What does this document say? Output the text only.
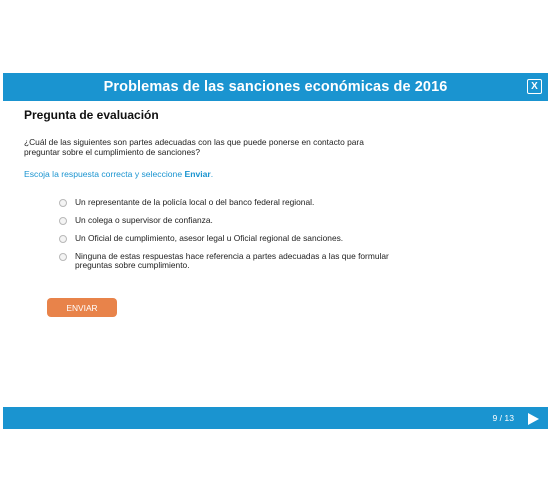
Problemas de las sanciones económicas de 2016	X
Pregunta de evaluación
¿Cuál de las siguientes son partes adecuadas con las que puede ponerse en contacto para preguntar sobre el cumplimiento de sanciones?
Escoja la respuesta correcta y seleccione Enviar.
Un representante de la policía local o del banco federal regional.
Un colega o supervisor de confianza.
Un Oficial de cumplimiento, asesor legal u Oficial regional de sanciones.
Ninguna de estas respuestas hace referencia a partes adecuadas a las que formular preguntas sobre cumplimiento.
ENVIAR
9 / 13
